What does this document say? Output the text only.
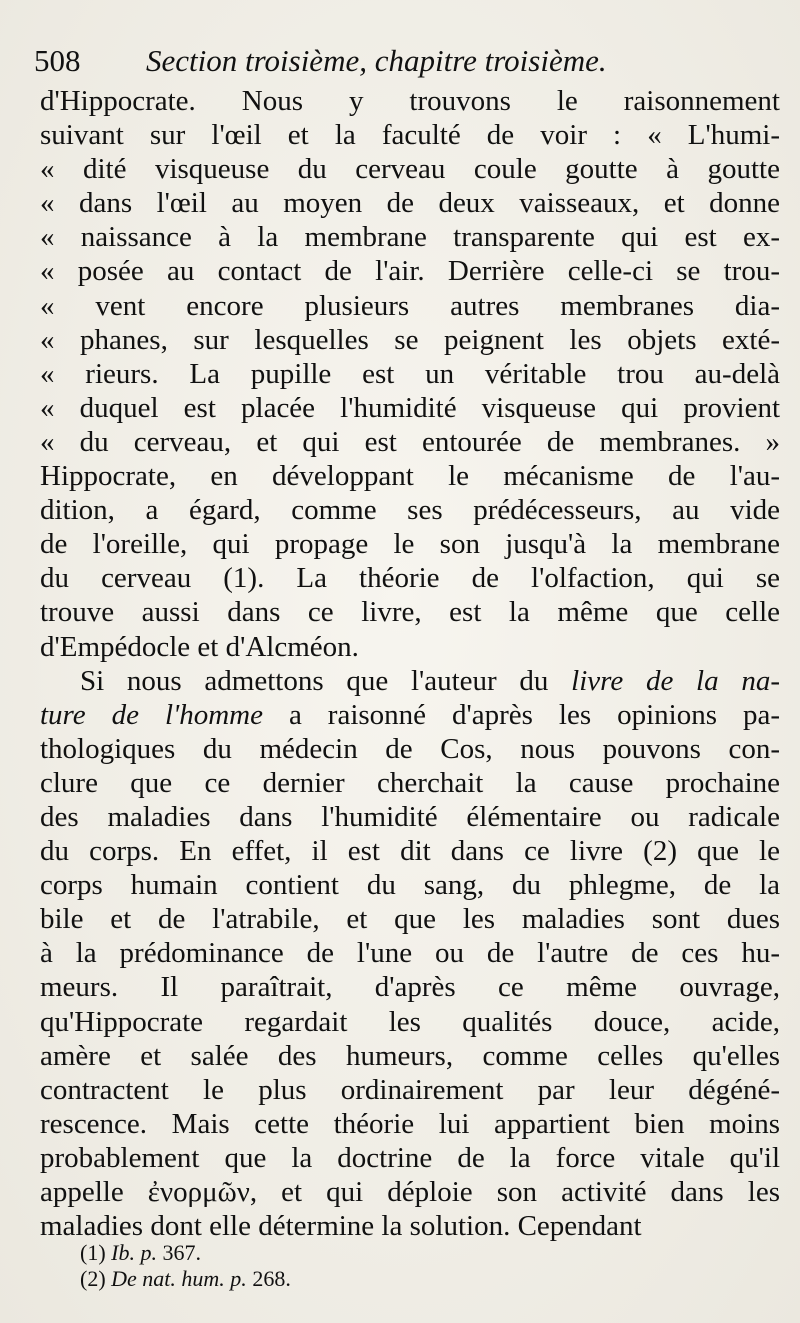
508 Section troisième, chapitre troisième.
d'Hippocrate. Nous y trouvons le raisonnement
suivant sur l'œil et la faculté de voir : « L'humi-
« dité visqueuse du cerveau coule goutte à goutte
« dans l'œil au moyen de deux vaisseaux, et donne
« naissance à la membrane transparente qui est ex-
« posée au contact de l'air. Derrière celle-ci se trou-
« vent encore plusieurs autres membranes dia-
« phanes, sur lesquelles se peignent les objets exté-
« rieurs. La pupille est un véritable trou au-delà
« duquel est placée l'humidité visqueuse qui provient
« du cerveau, et qui est entourée de membranes. »
Hippocrate, en développant le mécanisme de l'au-
dition, a égard, comme ses prédécesseurs, au vide
de l'oreille, qui propage le son jusqu'à la membrane
du cerveau (1). La théorie de l'olfaction, qui se
trouve aussi dans ce livre, est la même que celle
d'Empédocle et d'Alcméon.
Si nous admettons que l'auteur du livre de la na-
ture de l'homme a raisonné d'après les opinions pa-
thologiques du médecin de Cos, nous pouvons con-
clure que ce dernier cherchait la cause prochaine
des maladies dans l'humidité élémentaire ou radicale
du corps. En effet, il est dit dans ce livre (2) que le
corps humain contient du sang, du phlegme, de la
bile et de l'atrabile, et que les maladies sont dues
à la prédominance de l'une ou de l'autre de ces hu-
meurs. Il paraîtrait, d'après ce même ouvrage,
qu'Hippocrate regardait les qualités douce, acide,
amère et salée des humeurs, comme celles qu'elles
contractent le plus ordinairement par leur dégéné-
rescence. Mais cette théorie lui appartient bien moins
probablement que la doctrine de la force vitale qu'il
appelle ἐνορμῶν, et qui déploie son activité dans les
maladies dont elle détermine la solution. Cependant
(1) Ib. p. 367.
(2) De nat. hum. p. 268.
